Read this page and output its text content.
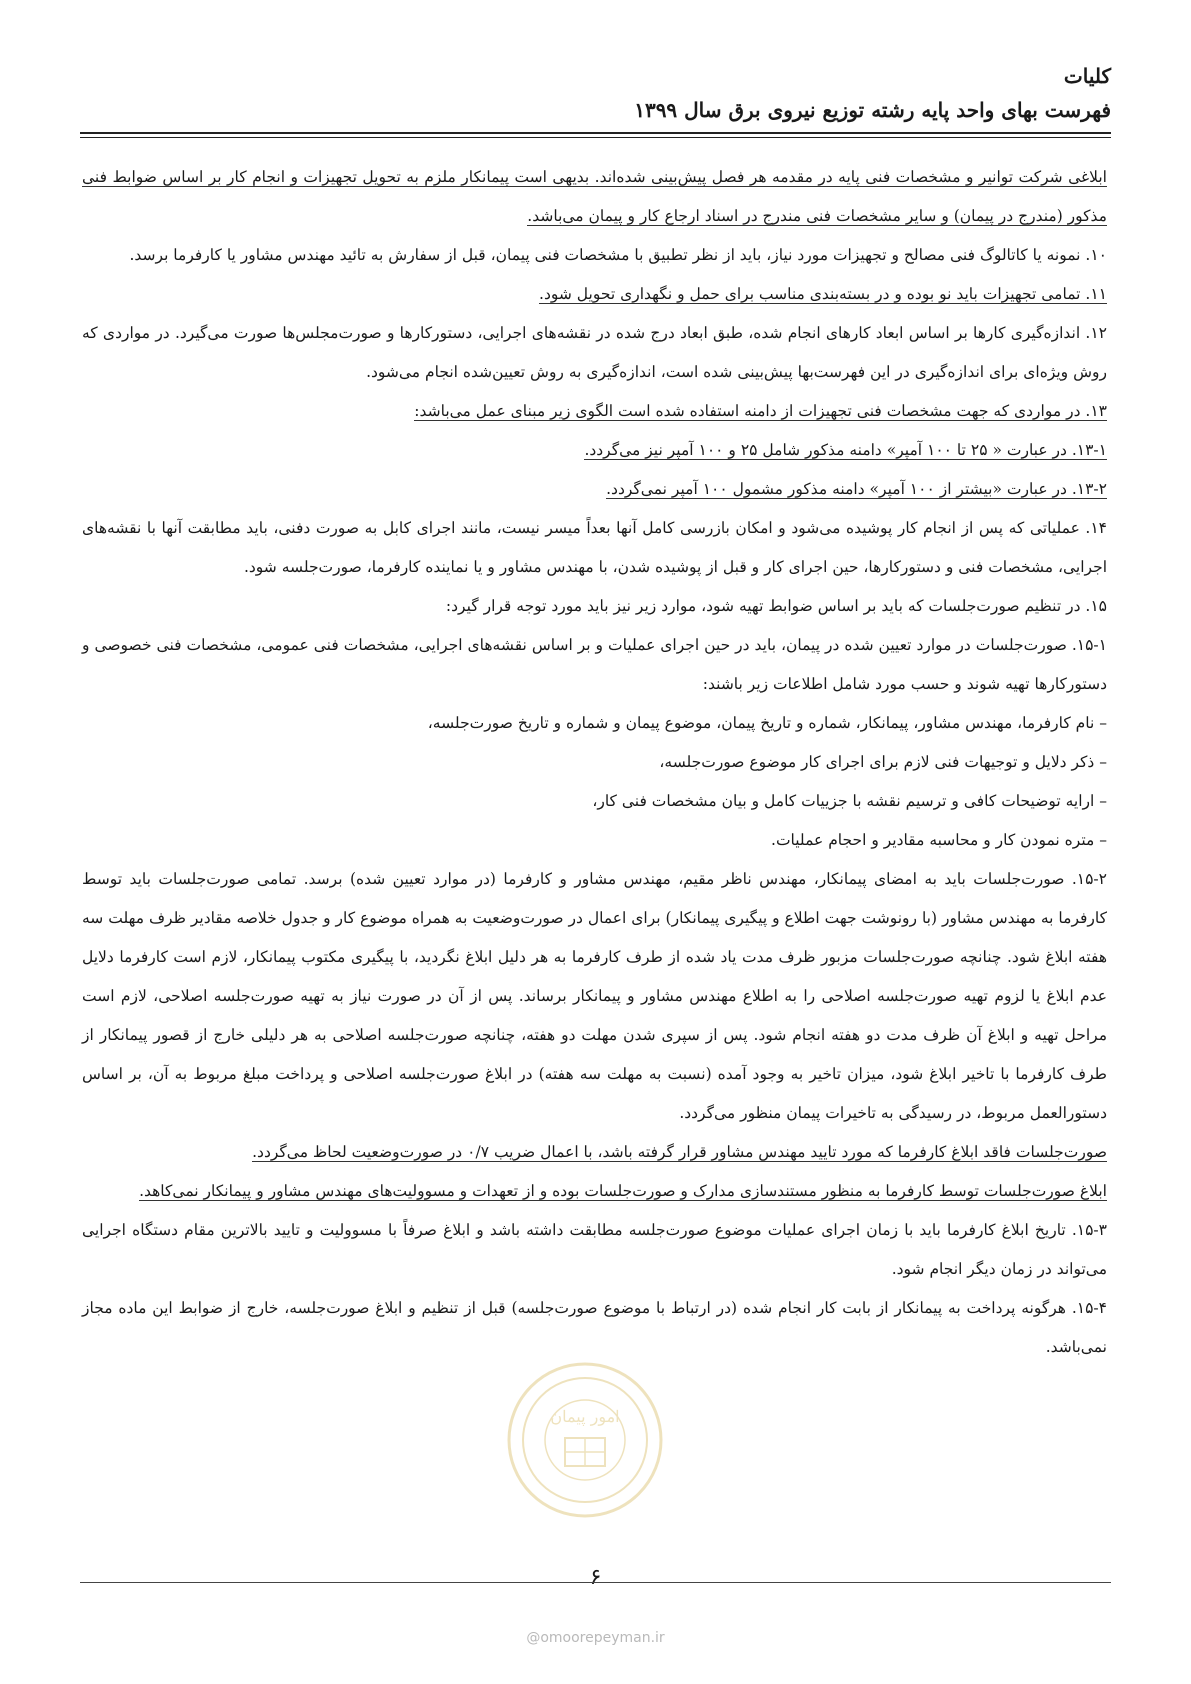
کلیات
فهرست بهای واحد پایه رشته توزیع نیروی برق سال ۱۳۹۹

ابلاغی شرکت توانیر و مشخصات فنی پایه در مقدمه هر فصل پیش‌بینی شده‌اند. بدیهی است پیمانکار ملزم به تحویل تجهیزات و انجام کار بر اساس ضوابط فنی مذکور (مندرج در پیمان) و سایر مشخصات فنی مندرج در اسناد ارجاع کار و پیمان می‌باشد.

۱۰. نمونه یا کاتالوگ فنی مصالح و تجهیزات مورد نیاز، باید از نظر تطبیق با مشخصات فنی پیمان، قبل از سفارش به تائید مهندس مشاور یا کارفرما برسد.

۱۱. تمامی تجهیزات باید نو بوده و در بسته‌بندی مناسب برای حمل و نگهداری تحویل شود.

۱۲. اندازه‌گیری کارها بر اساس ابعاد کارهای انجام شده، طبق ابعاد درج شده در نقشه‌های اجرایی، دستورکارها و صورت‌مجلس‌ها صورت می‌گیرد. در مواردی که روش ویژه‌ای برای اندازه‌گیری در این فهرست‌بها پیش‌بینی شده است، اندازه‌گیری به روش تعیین‌شده انجام می‌شود.

۱۳. در مواردی که جهت مشخصات فنی تجهیزات از دامنه استفاده شده است الگوی زیر مبنای عمل می‌باشد:

۱۳-۱. در عبارت « ۲۵ تا ۱۰۰ آمپر» دامنه مذکور شامل ۲۵ و ۱۰۰ آمپر نیز می‌گردد.

۱۳-۲. در عبارت «بیشتر از ۱۰۰ آمپر» دامنه مذکور مشمول ۱۰۰ آمپر نمی‌گردد.

۱۴. عملیاتی که پس از انجام کار پوشیده می‌شود و امکان بازرسی کامل آنها بعداً میسر نیست، مانند اجرای کابل به صورت دفنی، باید مطابقت آنها با نقشه‌های اجرایی، مشخصات فنی و دستورکارها، حین اجرای کار و قبل از پوشیده شدن، با مهندس مشاور و یا نماینده کارفرما، صورت‌جلسه شود.

۱۵. در تنظیم صورت‌جلسات که باید بر اساس ضوابط تهیه شود، موارد زیر نیز باید مورد توجه قرار گیرد:

۱۵-۱. صورت‌جلسات در موارد تعیین شده در پیمان، باید در حین اجرای عملیات و بر اساس نقشه‌های اجرایی، مشخصات فنی عمومی، مشخصات فنی خصوصی و دستورکارها تهیه شوند و حسب مورد شامل اطلاعات زیر باشند:

– نام کارفرما، مهندس مشاور، پیمانکار، شماره و تاریخ پیمان، موضوع پیمان و شماره و تاریخ صورت‌جلسه،

– ذکر دلایل و توجیهات فنی لازم برای اجرای کار موضوع صورت‌جلسه،

– ارایه توضیحات کافی و ترسیم نقشه با جزییات کامل و بیان مشخصات فنی کار،

– متره نمودن کار و محاسبه مقادیر و احجام عملیات.

۱۵-۲. صورت‌جلسات باید به امضای پیمانکار، مهندس ناظر مقیم، مهندس مشاور و کارفرما (در موارد تعیین شده) برسد. تمامی صورت‌جلسات باید توسط کارفرما به مهندس مشاور (با رونوشت جهت اطلاع و پیگیری پیمانکار) برای اعمال در صورت‌وضعیت به همراه موضوع کار و جدول خلاصه مقادیر ظرف مهلت سه هفته ابلاغ شود. چنانچه صورت‌جلسات مزبور ظرف مدت یاد شده از طرف کارفرما به هر دلیل ابلاغ نگردید، با پیگیری مکتوب پیمانکار، لازم است کارفرما دلایل عدم ابلاغ یا لزوم تهیه صورت‌جلسه اصلاحی را به اطلاع مهندس مشاور و پیمانکار برساند. پس از آن در صورت نیاز به تهیه صورت‌جلسه اصلاحی، لازم است مراحل تهیه و ابلاغ آن ظرف مدت دو هفته انجام شود. پس از سپری شدن مهلت دو هفته، چنانچه صورت‌جلسه اصلاحی به هر دلیلی خارج از قصور پیمانکار از طرف کارفرما با تاخیر ابلاغ شود، میزان تاخیر به وجود آمده (نسبت به مهلت سه هفته) در ابلاغ صورت‌جلسه اصلاحی و پرداخت مبلغ مربوط به آن، بر اساس دستورالعمل مربوط، در رسیدگی به تاخیرات پیمان منظور می‌گردد.

صورت‌جلسات فاقد ابلاغ کارفرما که مورد تایید مهندس مشاور قرار گرفته باشد، با اعمال ضریب ۰/۷ در صورت‌وضعیت لحاظ می‌گردد.

ابلاغ صورت‌جلسات توسط کارفرما به منظور مستندسازی مدارک و صورت‌جلسات بوده و از تعهدات و مسوولیت‌های مهندس مشاور و پیمانکار نمی‌کاهد.

۱۵-۳. تاریخ ابلاغ کارفرما باید با زمان اجرای عملیات موضوع صورت‌جلسه مطابقت داشته باشد و ابلاغ صرفاً با مسوولیت و تایید بالاترین مقام دستگاه اجرایی می‌تواند در زمان دیگر انجام شود.

۱۵-۴. هرگونه پرداخت به پیمانکار از بابت کار انجام شده (در ارتباط با موضوع صورت‌جلسه) قبل از تنظیم و ابلاغ صورت‌جلسه، خارج از ضوابط این ماده مجاز نمی‌باشد.

امور پیمان
۶
@omoorepeyman.ir
